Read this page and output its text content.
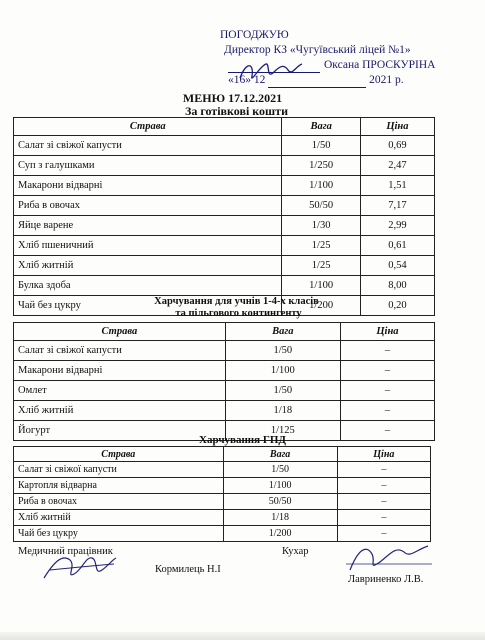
ПОГОДЖУЮ
Директор КЗ «Чугуївський ліцей №1»
Оксана ПРОСКУРІНА
«16» 12	2021 р.
МЕНЮ 17.12.2021
За готівкові кошти
Страва	Вага	Ціна
Салат зі свіжої капусти	1/50	0,69
Суп з галушками	1/250	2,47
Макарони відварні	1/100	1,51
Риба в овочах	50/50	7,17
Яйце варене	1/30	2,99
Хліб пшеничний	1/25	0,61
Хліб житній	1/25	0,54
Булка здоба	1/100	8,00
Чай без цукру	1/200	0,20
Харчування для учнів 1-4-х класів
та пільгового контингенту
Страва	Вага	Ціна
Салат зі свіжої капусти	1/50	–
Макарони відварні	1/100	–
Омлет	1/50	–
Хліб житній	1/18	–
Йогурт	1/125	–
Харчування ГПД
Страва	Вага	Ціна
Салат зі свіжої капусти	1/50	–
Картопля відварна	1/100	–
Риба в овочах	50/50	–
Хліб житній	1/18	–
Чай без цукру	1/200	–
Медичний працівник	Кухар
Кормилець Н.І
Лавриненко Л.В.
